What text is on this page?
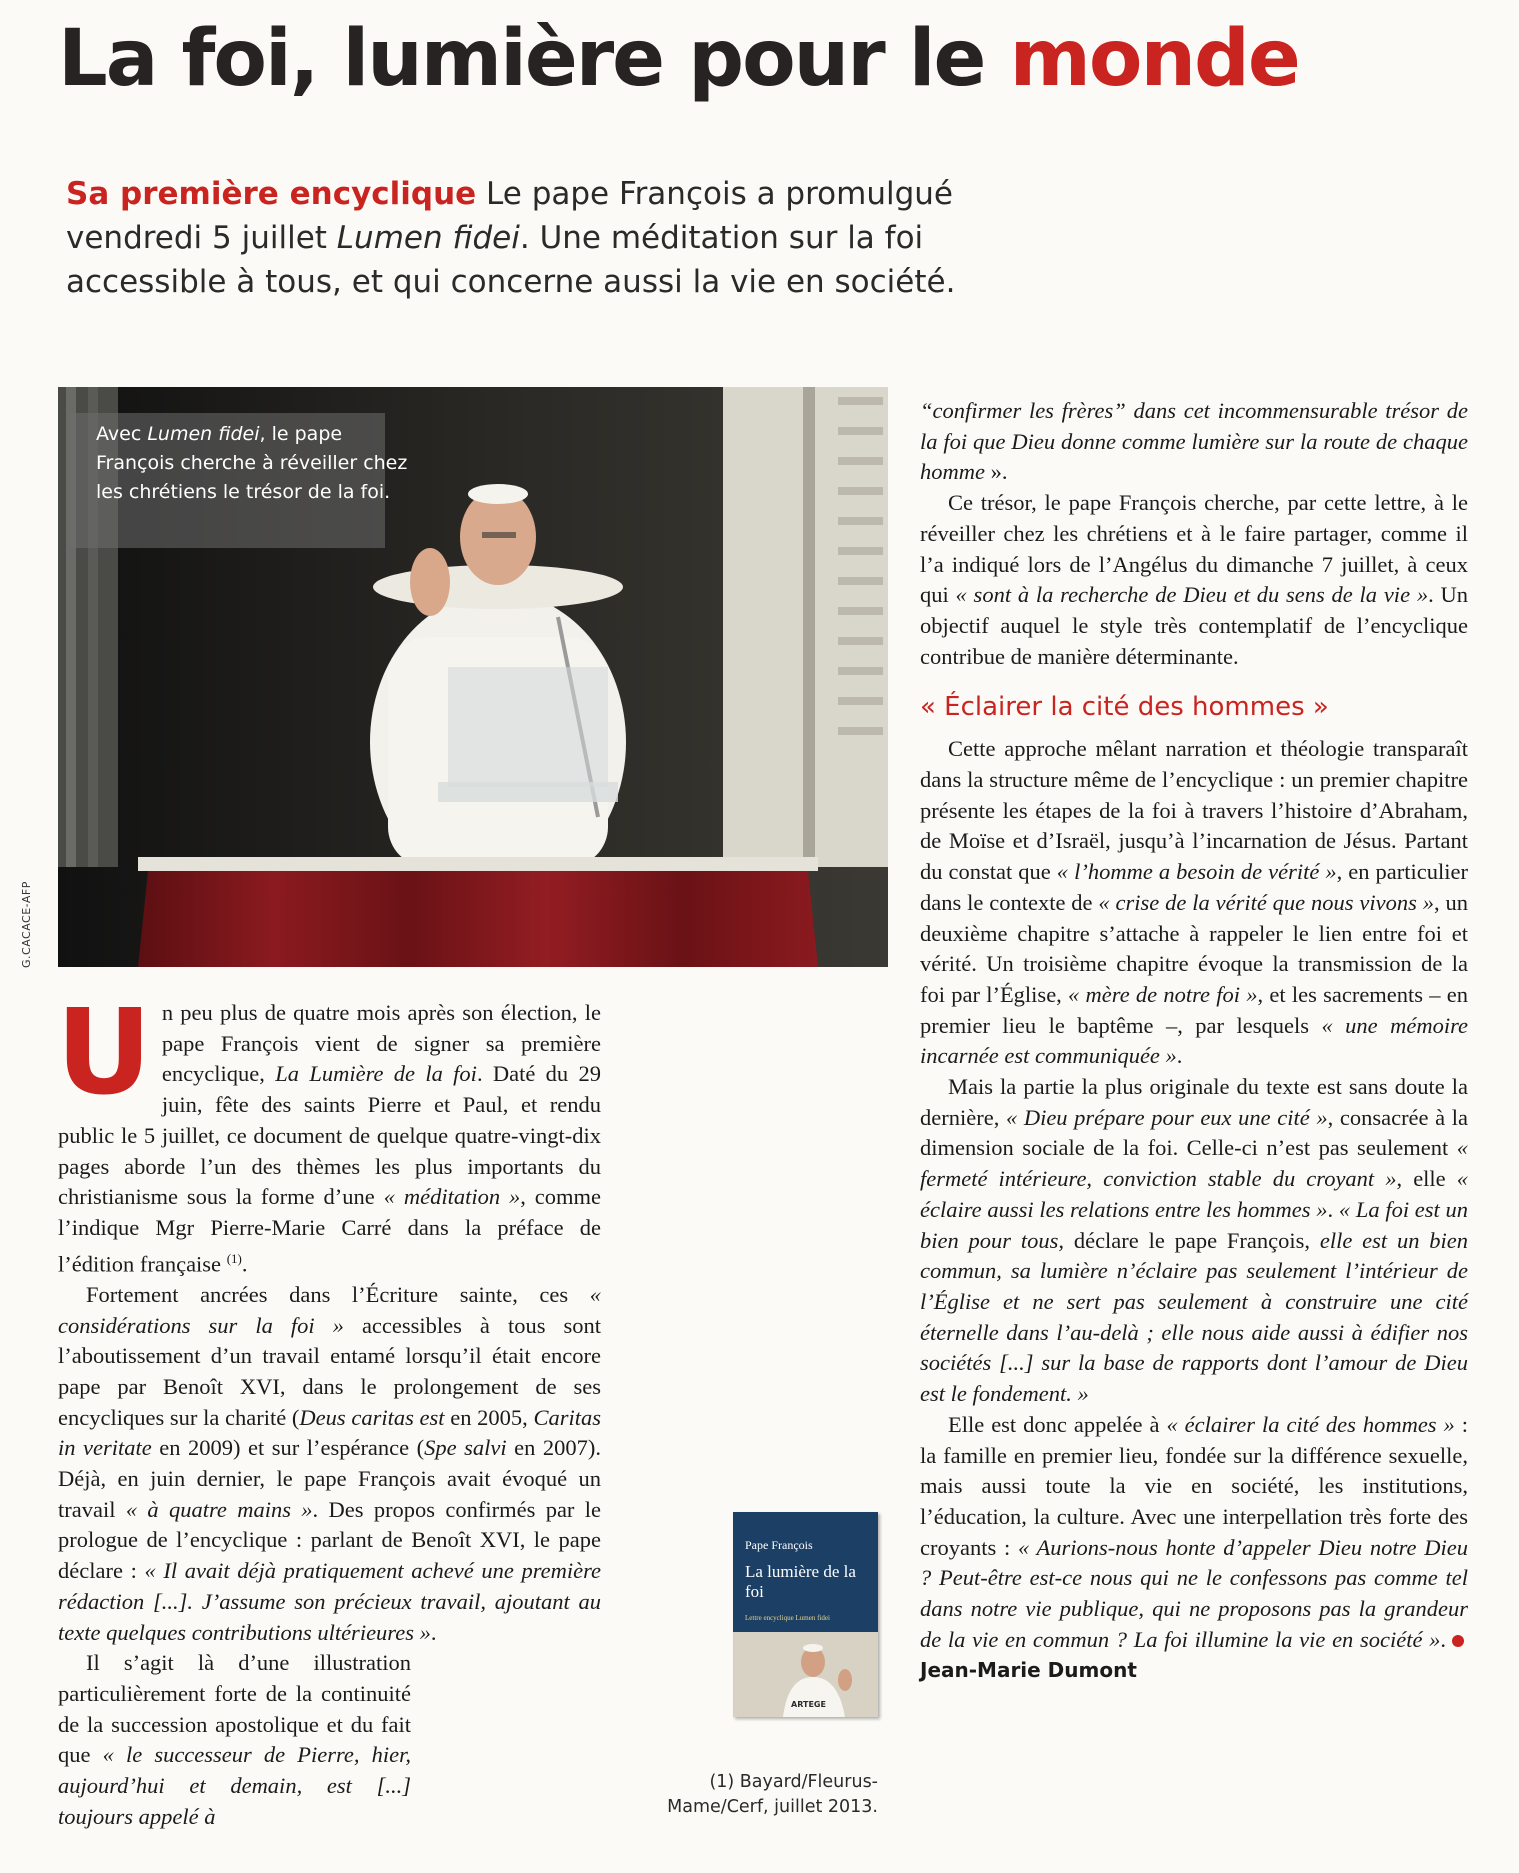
La foi, lumière pour le monde

Sa première encyclique Le pape François a promulgué vendredi 5 juillet Lumen fidei. Une méditation sur la foi accessible à tous, et qui concerne aussi la vie en société.

Avec Lumen fidei, le pape François cherche à réveiller chez les chrétiens le trésor de la foi.

G.CACACE-AFP

Un peu plus de quatre mois après son élection, le pape François vient de signer sa première encyclique, La Lumière de la foi. Daté du 29 juin, fête des saints Pierre et Paul, et rendu public le 5 juillet, ce document de quelque quatre-vingt-dix pages aborde l’un des thèmes les plus importants du christianisme sous la forme d’une « méditation », comme l’indique Mgr Pierre-Marie Carré dans la préface de l’édition française $^{(1)}$.

Fortement ancrées dans l’Écriture sainte, ces « considérations sur la foi » accessibles à tous sont l’aboutissement d’un travail entamé lorsqu’il était encore pape par Benoît XVI, dans le prolongement de ses encycliques sur la charité (Deus caritas est en 2005, Caritas in veritate en 2009) et sur l’espérance (Spe salvi en 2007). Déjà, en juin dernier, le pape François avait évoqué un travail « à quatre mains ». Des propos confirmés par le prologue de l’encyclique : parlant de Benoît XVI, le pape déclare : « Il avait déjà pratiquement achevé une première rédaction [...]. J’assume son précieux travail, ajoutant au texte quelques contributions ultérieures ».

Il s’agit là d’une illustration particulièrement forte de la continuité de la succession apostolique et du fait que « le successeur de Pierre, hier, aujourd’hui et demain, est [...] toujours appelé à

“confirmer les frères” dans cet incommensurable trésor de la foi que Dieu donne comme lumière sur la route de chaque homme ».

Ce trésor, le pape François cherche, par cette lettre, à le réveiller chez les chrétiens et à le faire partager, comme il l’a indiqué lors de l’Angélus du dimanche 7 juillet, à ceux qui « sont à la recherche de Dieu et du sens de la vie ». Un objectif auquel le style très contemplatif de l’encyclique contribue de manière déterminante.

« Éclairer la cité des hommes »

Cette approche mêlant narration et théologie transparaît dans la structure même de l’encyclique : un premier chapitre présente les étapes de la foi à travers l’histoire d’Abraham, de Moïse et d’Israël, jusqu’à l’incarnation de Jésus. Partant du constat que « l’homme a besoin de vérité », en particulier dans le contexte de « crise de la vérité que nous vivons », un deuxième chapitre s’attache à rappeler le lien entre foi et vérité. Un troisième chapitre évoque la transmission de la foi par l’Église, « mère de notre foi », et les sacrements – en premier lieu le baptême –, par lesquels « une mémoire incarnée est communiquée ».

Mais la partie la plus originale du texte est sans doute la dernière, « Dieu prépare pour eux une cité », consacrée à la dimension sociale de la foi. Celle-ci n’est pas seulement « fermeté intérieure, conviction stable du croyant », elle « éclaire aussi les relations entre les hommes ». « La foi est un bien pour tous, déclare le pape François, elle est un bien commun, sa lumière n’éclaire pas seulement l’intérieur de l’Église et ne sert pas seulement à construire une cité éternelle dans l’au-delà ; elle nous aide aussi à édifier nos sociétés [...] sur la base de rapports dont l’amour de Dieu est le fondement. »

Elle est donc appelée à « éclairer la cité des hommes » : la famille en premier lieu, fondée sur la différence sexuelle, mais aussi toute la vie en société, les institutions, l’éducation, la culture. Avec une interpellation très forte des croyants : « Aurions-nous honte d’appeler Dieu notre Dieu ? Peut-être est-ce nous qui ne le confessons pas comme tel dans notre vie publique, qui ne proposons pas la grandeur de la vie en commun ? La foi illumine la vie en société ».Jean-Marie Dumont

Pape François

La lumière de la foi

Lettre encyclique Lumen fidei

ARTEGE

(1) Bayard/Fleurus-
Mame/Cerf, juillet 2013.
